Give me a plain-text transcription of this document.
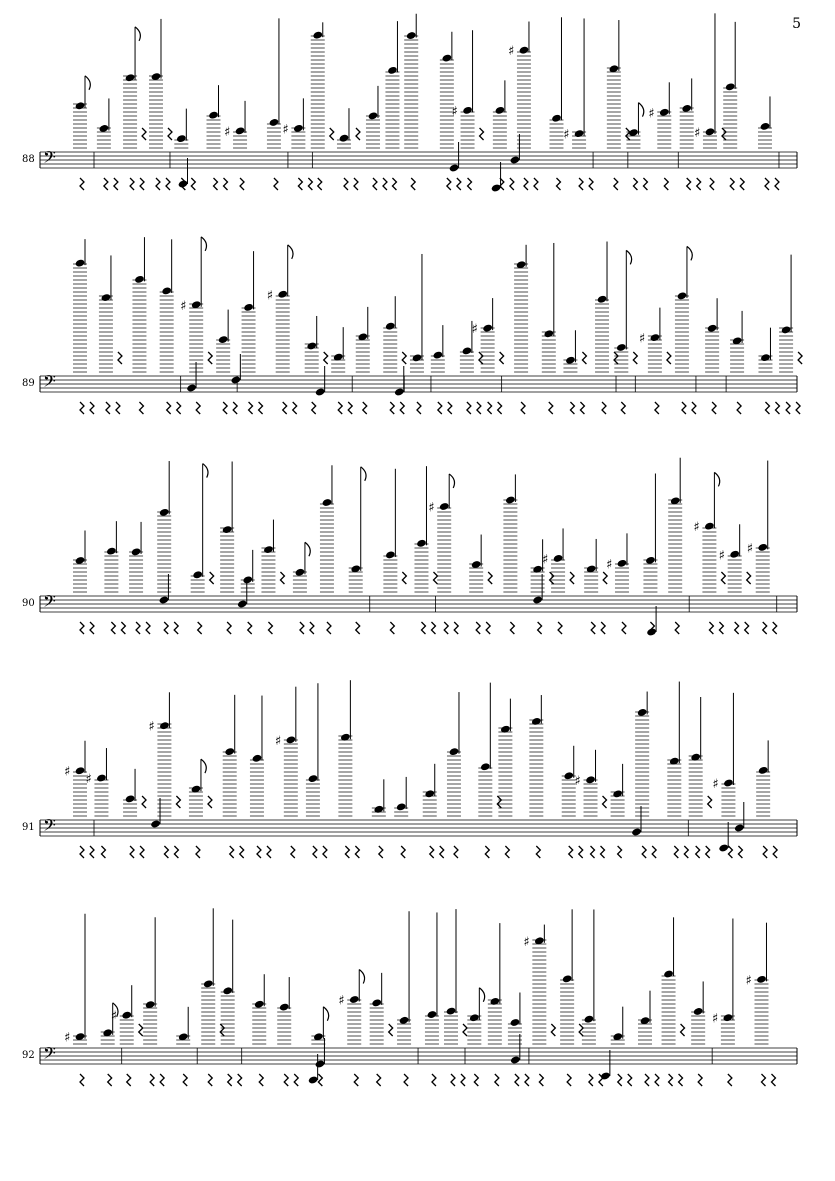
5
88
89
90
91
92
𝄢
♯	♯
♯
♯
♯
♯
♯
𝄢
♯
♯
♯
♯
𝄢
♯
♯	♯
♯
♯ ♯
𝄢
♯ ♯
♯
♯
♯	♯
𝄢
♯
♯
♯
♯
♯
♯
